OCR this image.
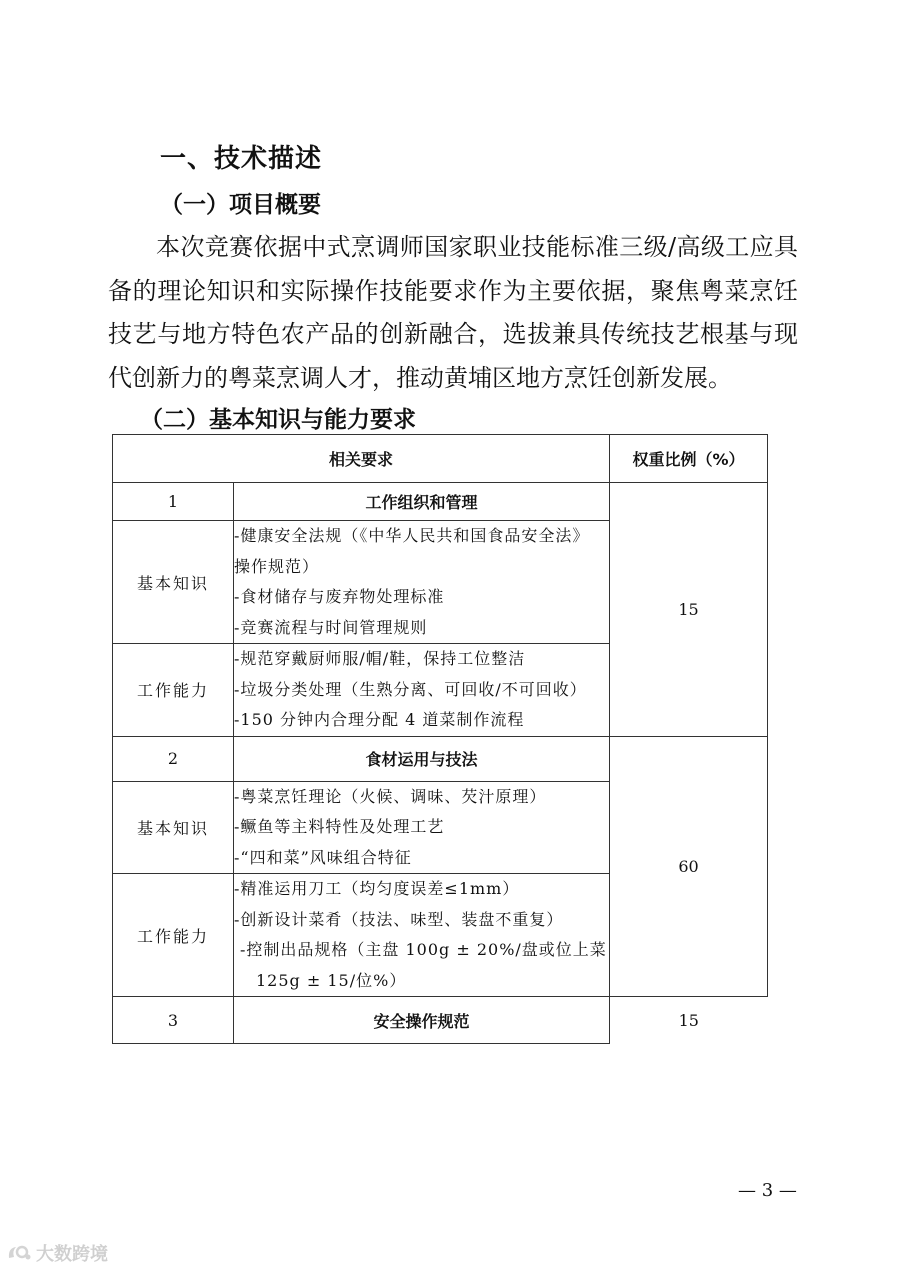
一、技术描述
（一）项目概要
本次竞赛依据中式烹调师国家职业技能标准三级/高级工应具
备的理论知识和实际操作技能要求作为主要依据，聚焦粤菜烹饪
技艺与地方特色农产品的创新融合，选拔兼具传统技艺根基与现
代创新力的粤菜烹调人才，推动黄埔区地方烹饪创新发展。
（二）基本知识与能力要求
相关要求		权重比例（%）
1	工作组织和管理	15
基本知识	-健康安全法规（《中华人民共和国食品安全法》
操作规范）
-食材储存与废弃物处理标准
-竞赛流程与时间管理规则	

工作能力	-规范穿戴厨师服/帽/鞋，保持工位整洁
-垃圾分类处理（生熟分离、可回收/不可回收）
-150 分钟内合理分配 4 道菜制作流程	

2	食材运用与技法	60
基本知识	-粤菜烹饪理论（火候、调味、芡汁原理）
-鳜鱼等主料特性及处理工艺
-“四和菜”风味组合特征	

工作能力	-精准运用刀工（均匀度误差≤1mm）
-创新设计菜肴（技法、味型、装盘不重复）
-控制出品规格（主盘 100g ± 20%/盘或位上菜
125g ± 15/位%）	

3	安全操作规范	15
— 3 —
大数跨境
